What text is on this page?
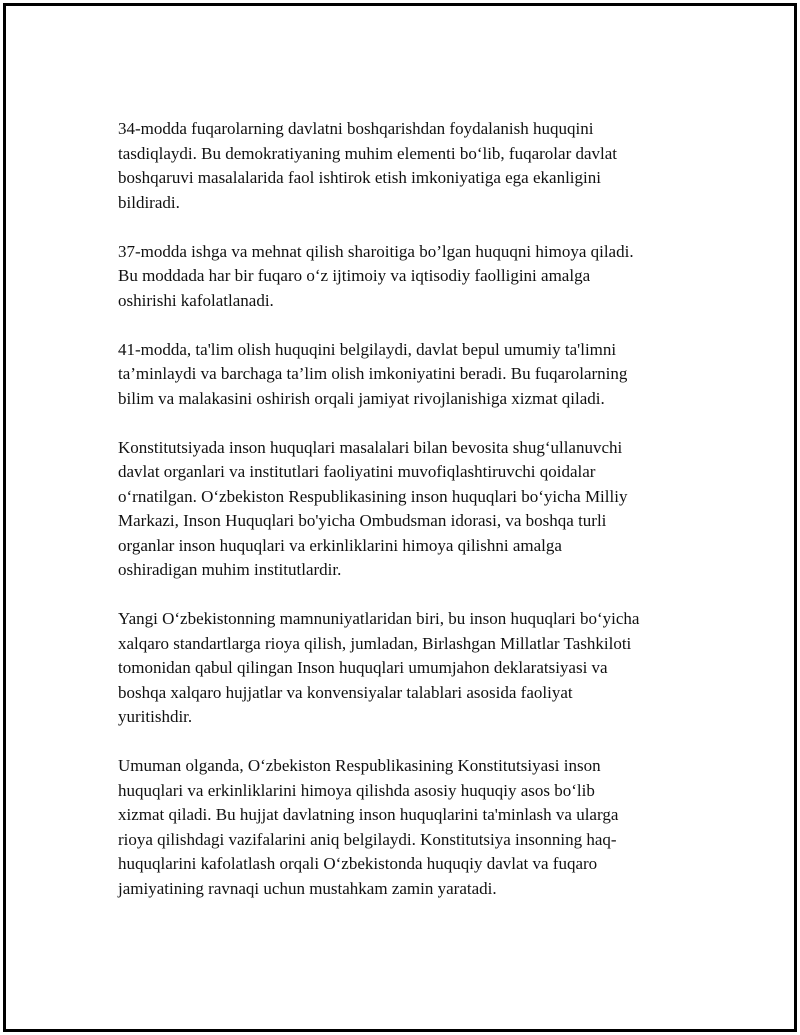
34-modda fuqarolarning davlatni boshqarishdan foydalanish huquqini
tasdiqlaydi. Bu demokratiyaning muhim elementi bo‘lib, fuqarolar davlat
boshqaruvi masalalarida faol ishtirok etish imkoniyatiga ega ekanligini
bildiradi.

37-modda ishga va mehnat qilish sharoitiga bo’lgan huquqni himoya qiladi.
Bu moddada har bir fuqaro o‘z ijtimoiy va iqtisodiy faolligini amalga
oshirishi kafolatlanadi.

41-modda, ta'lim olish huquqini belgilaydi, davlat bepul umumiy ta'limni
ta’minlaydi va barchaga ta’lim olish imkoniyatini beradi. Bu fuqarolarning
bilim va malakasini oshirish orqali jamiyat rivojlanishiga xizmat qiladi.

Konstitutsiyada inson huquqlari masalalari bilan bevosita shug‘ullanuvchi
davlat organlari va institutlari faoliyatini muvofiqlashtiruvchi qoidalar
o‘rnatilgan. O‘zbekiston Respublikasining inson huquqlari bo‘yicha Milliy
Markazi, Inson Huquqlari bo'yicha Ombudsman idorasi, va boshqa turli
organlar inson huquqlari va erkinliklarini himoya qilishni amalga
oshiradigan muhim institutlardir.

Yangi O‘zbekistonning mamnuniyatlaridan biri, bu inson huquqlari bo‘yicha
xalqaro standartlarga rioya qilish, jumladan, Birlashgan Millatlar Tashkiloti
tomonidan qabul qilingan Inson huquqlari umumjahon deklaratsiyasi va
boshqa xalqaro hujjatlar va konvensiyalar talablari asosida faoliyat
yuritishdir.

Umuman olganda, O‘zbekiston Respublikasining Konstitutsiyasi inson
huquqlari va erkinliklarini himoya qilishda asosiy huquqiy asos bo‘lib
xizmat qiladi. Bu hujjat davlatning inson huquqlarini ta'minlash va ularga
rioya qilishdagi vazifalarini aniq belgilaydi. Konstitutsiya insonning haq-
huquqlarini kafolatlash orqali O‘zbekistonda huquqiy davlat va fuqaro
jamiyatining ravnaqi uchun mustahkam zamin yaratadi.
